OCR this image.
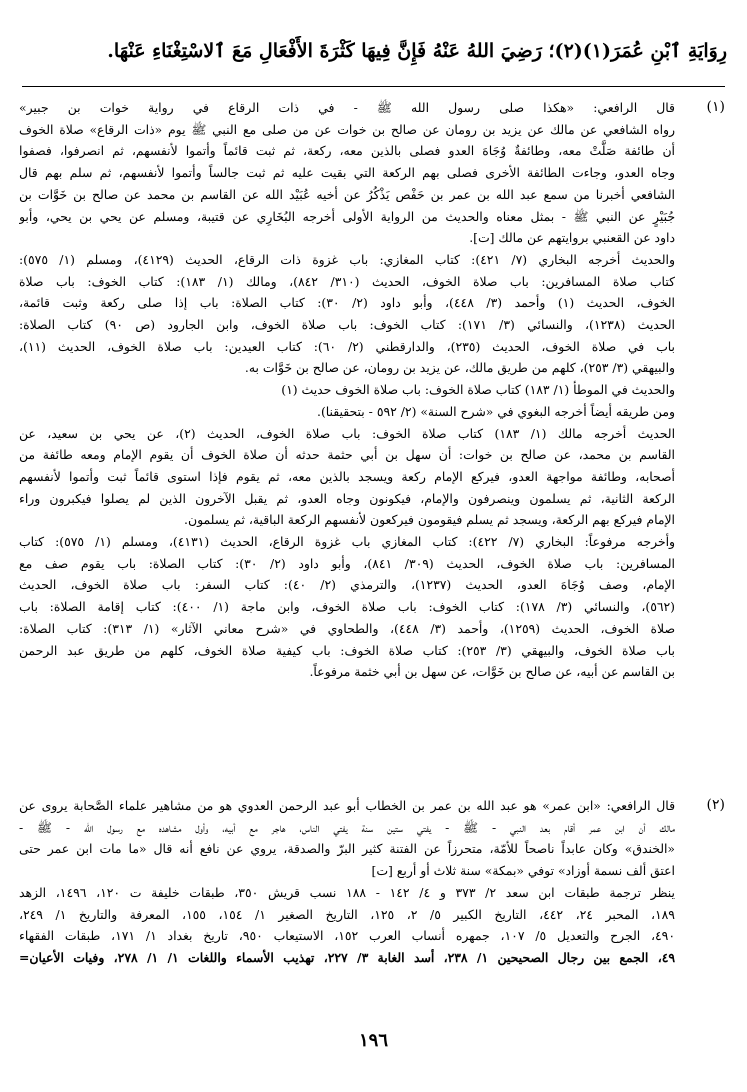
رِوَايَةِ ٱبْنِ عُمَرَ(١)(٢)؛ رَضِيَ اللهُ عَنْهُ فَإِنَّ فِيهَا كَثْرَةَ الأَفْعَالِ مَعَ ٱلاسْتِغْنَاءِ عَنْهَا.
(١)
قال الرافعي: «هكذا صلى رسول الله ﷺ - في ذات الرقاع في رواية خوات بن جبير»
رواه الشافعي عن مالك عن يزيد بن رومان عن صالح بن خوات عن من صلى مع النبي ﷺ يوم «ذات الرقاع» صلاة الخوف
أن طائفة صَلَّتْ معه، وطائفةٌ وُجَاهَ العدو فصلى بالذين معه، ركعة، ثم ثبت قائماً وأتموا لأنفسهم، ثم انصرفوا، فصفوا
وجاه العدو، وجاءت الطائفة الأخرى فصلى بهم الركعة التي بقيت عليه ثم ثبت جالساً وأتموا لأنفسهم، ثم سلم بهم قال
الشافعي أخبرنا من سمع عبد الله بن عمر بن حَفْص يَذْكُرُ عن أخيه عُبَيْد الله عن القاسم بن محمد عن صالح بن خَوَّات بن
جُبَيْرٍ عن النبي ﷺ - بمثل معناه والحديث من الرواية الأولى أخرجه البُخَارِي عن قتيبة، ومسلم عن يحي بن يحي، وأبو
داود عن القعنبي بروايتهم عن مالك [ت].
والحديث أخرجه البخاري (٧/ ٤٢١): كتاب المغازي: باب غزوة ذات الرقاع، الحديث (٤١٢٩)، ومسلم (١/ ٥٧٥):
كتاب صلاة المسافرين: باب صلاة الخوف، الحديث (٣١٠/ ٨٤٢)، ومالك (١/ ١٨٣): كتاب الخوف: باب صلاة
الخوف، الحديث (١) وأحمد (٣/ ٤٤٨)، وأبو داود (٢/ ٣٠): كتاب الصلاة: باب إذا صلى ركعة وثبت قائمة،
الحديث (١٢٣٨)، والنسائي (٣/ ١٧١): كتاب الخوف: باب صلاة الخوف، وابن الجارود (ص ٩٠) كتاب الصلاة:
باب في صلاة الخوف، الحديث (٢٣٥)، والدارقطني (٢/ ٦٠): كتاب العيدين: باب صلاة الخوف، الحديث (١١)،
والبيهقي (٣/ ٢٥٣)، كلهم من طريق مالك، عن يزيد بن رومان، عن صالح بن خَوَّات به.
والحديث في الموطأ (١/ ١٨٣) كتاب صلاة الخوف: باب صلاة الخوف حديث (١)
ومن طريقه أيضاً أخرجه البغوي في «شرح السنة» (٢/ ٥٩٢ - بتحقيقنا).
الحديث أخرجه مالك (١/ ١٨٣) كتاب صلاة الخوف: باب صلاة الخوف، الحديث (٢)، عن يحي بن سعيد، عن
القاسم بن محمد، عن صالح بن خوات: أن سهل بن أبي حثمة حدثه أن صلاة الخوف أن يقوم الإمام ومعه طائفة من
أصحابه، وطائفة مواجهة العدو، فيركع الإمام ركعة ويسجد بالذين معه، ثم يقوم فإذا استوى قائماً ثبت وأتموا لأنفسهم
الركعة الثانية، ثم يسلمون وينصرفون والإمام، فيكونون وجاه العدو، ثم يقبل الآخرون الذين لم يصلوا فيكبرون وراء
الإمام فيركع بهم الركعة، ويسجد ثم يسلم فيقومون فيركعون لأنفسهم الركعة الباقية، ثم يسلمون.
وأخرجه مرفوعاً: البخاري (٧/ ٤٢٢): كتاب المغازي باب غزوة الرقاع، الحديث (٤١٣١)، ومسلم (١/ ٥٧٥): كتاب
المسافرين: باب صلاة الخوف، الحديث (٣٠٩/ ٨٤١)، وأبو داود (٢/ ٣٠): كتاب الصلاة: باب يقوم صف مع
الإمام، وصف وُجَاهَ العدو، الحديث (١٢٣٧)، والترمذي (٢/ ٤٠): كتاب السفر: باب صلاة الخوف، الحديث
(٥٦٢)، والنسائي (٣/ ١٧٨): كتاب الخوف: باب صلاة الخوف، وابن ماجة (١/ ٤٠٠): كتاب إقامة الصلاة: باب
صلاة الخوف، الحديث (١٢٥٩)، وأحمد (٣/ ٤٤٨)، والطحاوي في «شرح معاني الآثار» (١/ ٣١٣): كتاب الصلاة:
باب صلاة الخوف، والبيهقي (٣/ ٢٥٣): كتاب صلاة الخوف: باب كيفية صلاة الخوف، كلهم من طريق عبد الرحمن
بن القاسم عن أبيه، عن صالح بن خَوَّات، عن سهل بن أبي خثمة مرفوعاً.
(٢)
قال الرافعي: «ابن عمر» هو عبد الله بن عمر بن الخطاب أبو عبد الرحمن العدوي هو من مشاهير علماء الصَّحابة يروى عن
مالك أن ابن عمر أقام بعد النبي - ﷺ - يفتي ستين سنة يفتي الناس، هاجر مع أبيه، وأول مشاهده مع رسول الله - ﷺ -
«الخندق» وكان عابداً ناصحاً للأمّة، متحرزاً عن الفتنة كثير البرّ والصدقة، يروي عن نافع أنه قال «ما مات ابن عمر حتى
اعتق ألف نسمة أوزاد» توفي «بمكة» سنة ثلاث أو أربع [ت]
ينظر ترجمة طبقات ابن سعد ٢/ ٣٧٣ و ٤/ ١٤٢ - ١٨٨ نسب قريش ٣٥٠، طبقات خليفة ت ١٢٠، ١٤٩٦، الزهد
١٨٩، المحبر ٢٤، ٤٤٢، التاريخ الكبير ٥/ ٢، ١٢٥، التاريخ الصغير ١/ ١٥٤، ١٥٥، المعرفة والتاريخ ١/ ٢٤٩،
٤٩٠، الجرح والتعديل ٥/ ١٠٧، جمهره أنساب العرب ١٥٢، الاستيعاب ٩٥٠، تاريخ بغداد ١/ ١٧١، طبقات الفقهاء
٤٩، الجمع بين رجال الصحيحين ١/ ٢٣٨، أسد الغابة ٣/ ٢٢٧، تهذيب الأسماء واللغات ١/ ١/ ٢٧٨، وفيات الأعيان=
١٩٦
